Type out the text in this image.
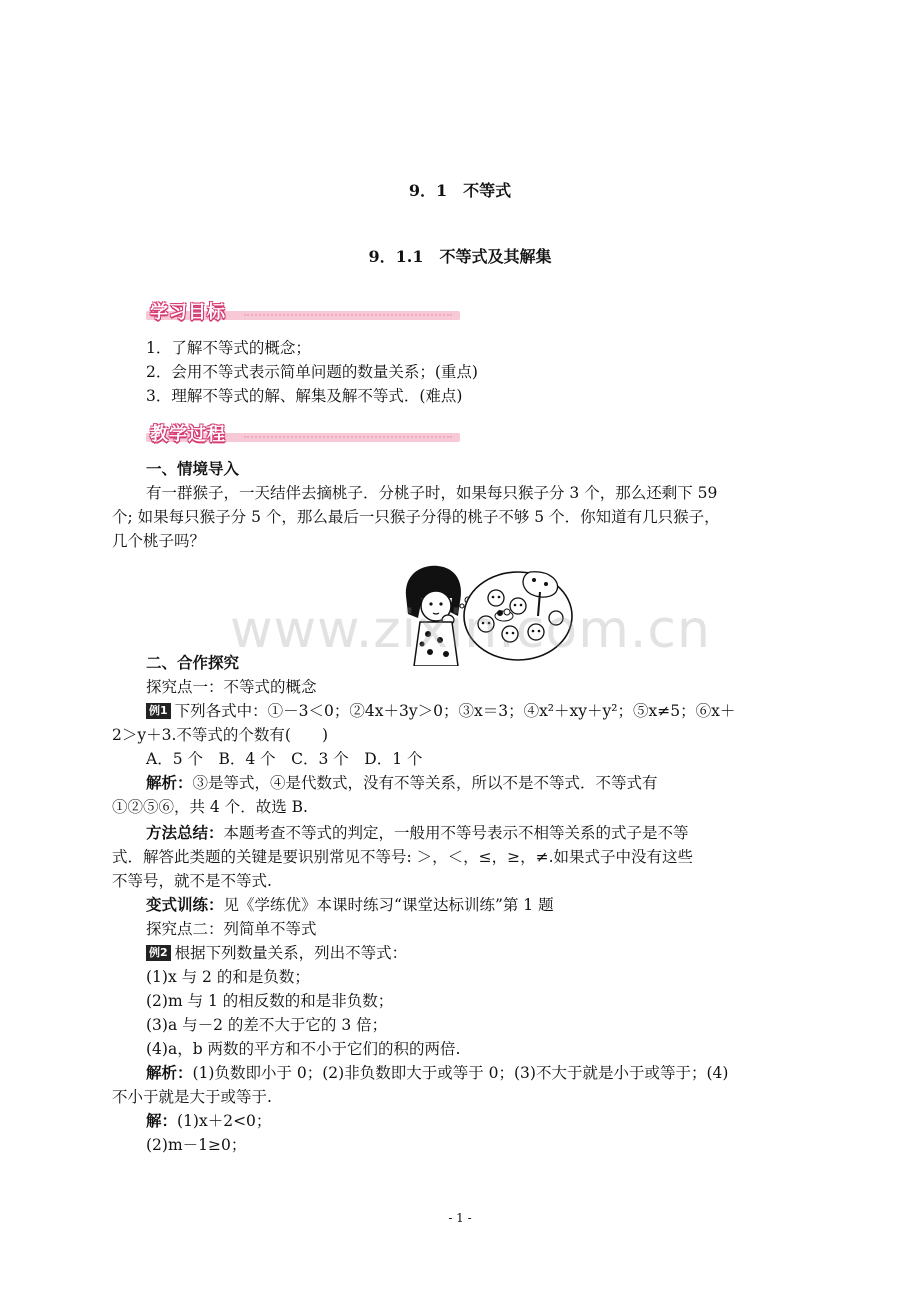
9．1　不等式
9．1.1　不等式及其解集
学习目标
1．了解不等式的概念；
2．会用不等式表示简单问题的数量关系；(重点)
3．理解不等式的解、解集及解不等式．(难点)
教学过程
一、情境导入
有一群猴子，一天结伴去摘桃子．分桃子时，如果每只猴子分 3 个，那么还剩下 59
个; 如果每只猴子分 5 个，那么最后一只猴子分得的桃子不够 5 个．你知道有几只猴子，
几个桃子吗？
www.zixin.com.cn
二、合作探究
探究点一：不等式的概念
例1 下列各式中：①－3＜0；②4x＋3y＞0；③x＝3；④x²＋xy＋y²；⑤x≠5；⑥x＋
2＞y＋3.不等式的个数有(　　)
A．5 个　B．4 个　C．3 个　D．1 个
解析：③是等式，④是代数式，没有不等关系，所以不是不等式．不等式有
①②⑤⑥，共 4 个．故选 B.
方法总结：本题考查不等式的判定，一般用不等号表示不相等关系的式子是不等
式．解答此类题的关键是要识别常见不等号: ＞，＜，≤，≥，≠.如果式子中没有这些
不等号，就不是不等式.
变式训练：见《学练优》本课时练习“课堂达标训练”第 1 题
探究点二：列简单不等式
例2 根据下列数量关系，列出不等式：
(1)x 与 2 的和是负数；
(2)m 与 1 的相反数的和是非负数；
(3)a 与－2 的差不大于它的 3 倍；
(4)a，b 两数的平方和不小于它们的积的两倍.
解析：(1)负数即小于 0；(2)非负数即大于或等于 0；(3)不大于就是小于或等于；(4)
不小于就是大于或等于.
解：(1)x＋2<0；
(2)m－1≥0；
- 1 -
